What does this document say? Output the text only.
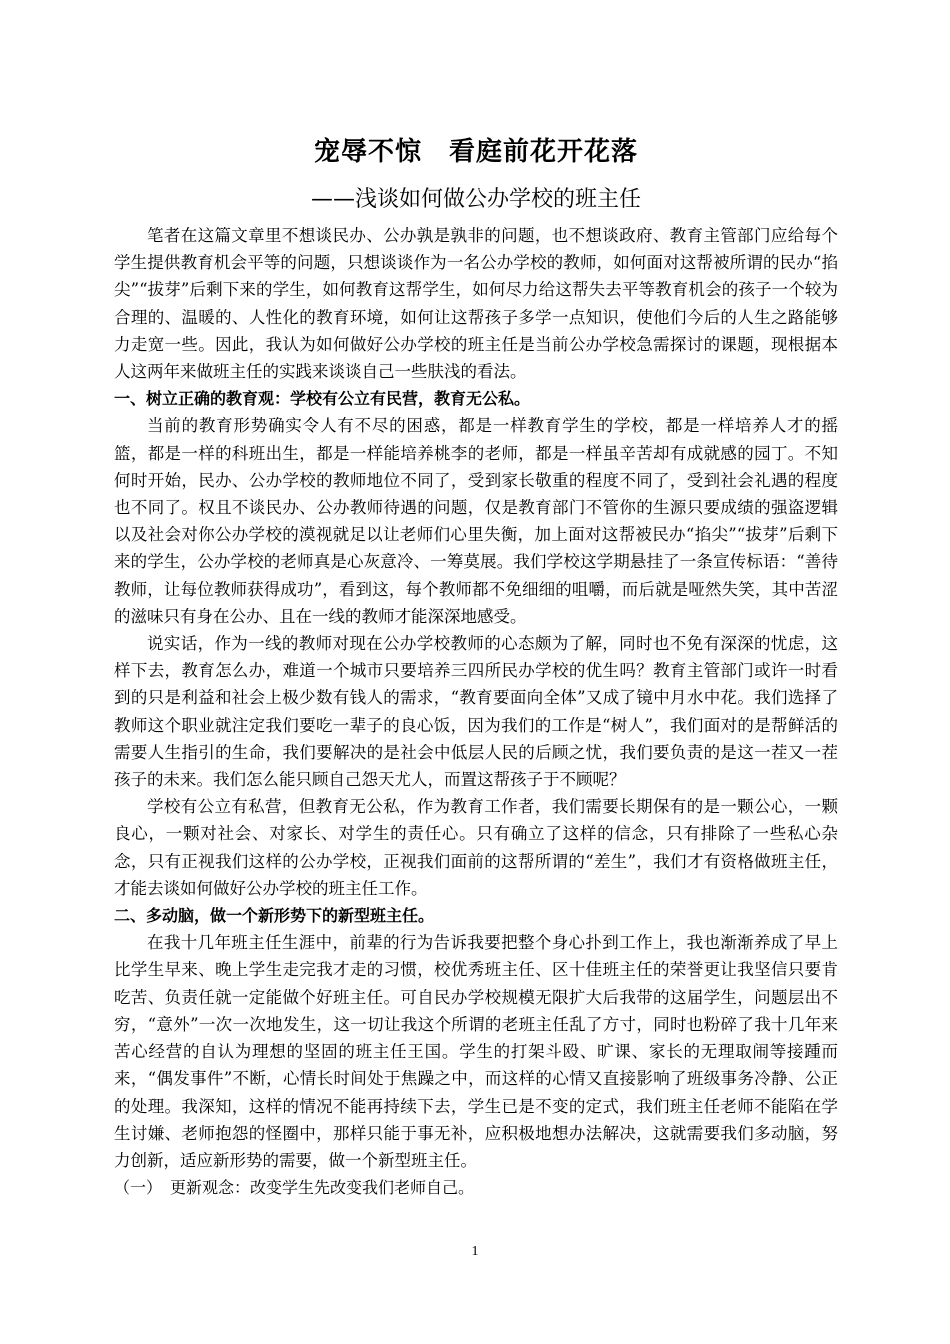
宠辱不惊　看庭前花开花落
——浅谈如何做公办学校的班主任

笔者在这篇文章里不想谈民办、公办孰是孰非的问题，也不想谈政府、教育主管部门应给每个学生提供教育机会平等的问题，只想谈谈作为一名公办学校的教师，如何面对这帮被所谓的民办“掐尖”“拔芽”后剩下来的学生，如何教育这帮学生，如何尽力给这帮失去平等教育机会的孩子一个较为合理的、温暖的、人性化的教育环境，如何让这帮孩子多学一点知识，使他们今后的人生之路能够力走宽一些。因此，我认为如何做好公办学校的班主任是当前公办学校急需探讨的课题，现根据本人这两年来做班主任的实践来谈谈自己一些肤浅的看法。

一、树立正确的教育观：学校有公立有民营，教育无公私。

当前的教育形势确实令人有不尽的困惑，都是一样教育学生的学校，都是一样培养人才的摇篮，都是一样的科班出生，都是一样能培养桃李的老师，都是一样虽辛苦却有成就感的园丁。不知何时开始，民办、公办学校的教师地位不同了，受到家长敬重的程度不同了，受到社会礼遇的程度也不同了。权且不谈民办、公办教师待遇的问题，仅是教育部门不管你的生源只要成绩的强盗逻辑以及社会对你公办学校的漠视就足以让老师们心里失衡，加上面对这帮被民办“掐尖”“拔芽”后剩下来的学生，公办学校的老师真是心灰意冷、一筹莫展。我们学校这学期悬挂了一条宣传标语：“善待教师，让每位教师获得成功”，看到这，每个教师都不免细细的咀嚼，而后就是哑然失笑，其中苦涩的滋味只有身在公办、且在一线的教师才能深深地感受。

说实话，作为一线的教师对现在公办学校教师的心态颇为了解，同时也不免有深深的忧虑，这样下去，教育怎么办，难道一个城市只要培养三四所民办学校的优生吗？教育主管部门或许一时看到的只是利益和社会上极少数有钱人的需求，“教育要面向全体”又成了镜中月水中花。我们选择了教师这个职业就注定我们要吃一辈子的良心饭，因为我们的工作是“树人”，我们面对的是帮鲜活的需要人生指引的生命，我们要解决的是社会中低层人民的后顾之忧，我们要负责的是这一茬又一茬孩子的未来。我们怎么能只顾自己怨天尤人，而置这帮孩子于不顾呢？

学校有公立有私营，但教育无公私，作为教育工作者，我们需要长期保有的是一颗公心，一颗良心，一颗对社会、对家长、对学生的责任心。只有确立了这样的信念，只有排除了一些私心杂念，只有正视我们这样的公办学校，正视我们面前的这帮所谓的“差生”，我们才有资格做班主任，才能去谈如何做好公办学校的班主任工作。

二、多动脑，做一个新形势下的新型班主任。

在我十几年班主任生涯中，前辈的行为告诉我要把整个身心扑到工作上，我也渐渐养成了早上比学生早来、晚上学生走完我才走的习惯，校优秀班主任、区十佳班主任的荣誉更让我坚信只要肯吃苦、负责任就一定能做个好班主任。可自民办学校规模无限扩大后我带的这届学生，问题层出不穷，“意外”一次一次地发生，这一切让我这个所谓的老班主任乱了方寸，同时也粉碎了我十几年来苦心经营的自认为理想的坚固的班主任王国。学生的打架斗殴、旷课、家长的无理取闹等接踵而来，“偶发事件”不断，心情长时间处于焦躁之中，而这样的心情又直接影响了班级事务冷静、公正的处理。我深知，这样的情况不能再持续下去，学生已是不变的定式，我们班主任老师不能陷在学生讨嫌、老师抱怨的怪圈中，那样只能于事无补，应积极地想办法解决，这就需要我们多动脑，努力创新，适应新形势的需要，做一个新型班主任。

（一）　更新观念：改变学生先改变我们老师自己。

1
